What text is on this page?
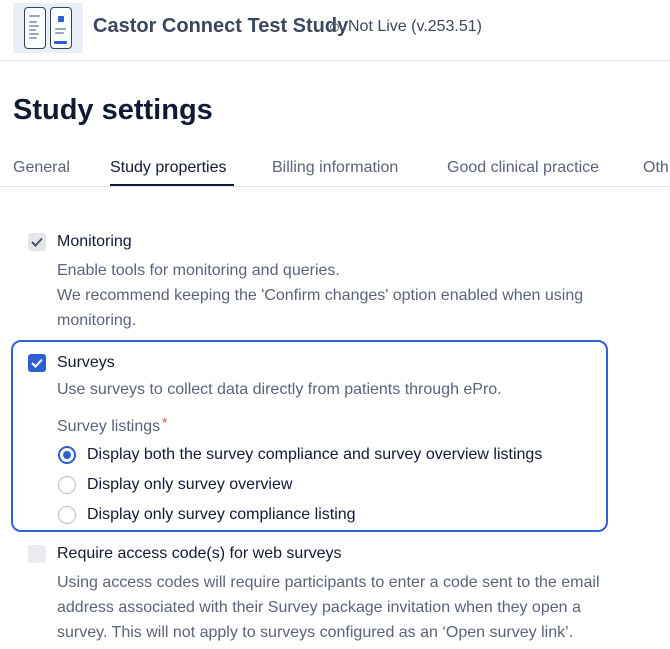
Castor Connect Test Study Not Live (v.253.51)
Study settings
General	Study properties	Billing information	Good clinical practice	Oth
Monitoring
Enable tools for monitoring and queries.
We recommend keeping the 'Confirm changes' option enabled when using
monitoring.
Surveys
Use surveys to collect data directly from patients through ePro.
Survey listings *
Display both the survey compliance and survey overview listings
Display only survey overview
Display only survey compliance listing
Require access code(s) for web surveys
Using access codes will require participants to enter a code sent to the email
address associated with their Survey package invitation when they open a
survey. This will not apply to surveys configured as an ‘Open survey link’.
